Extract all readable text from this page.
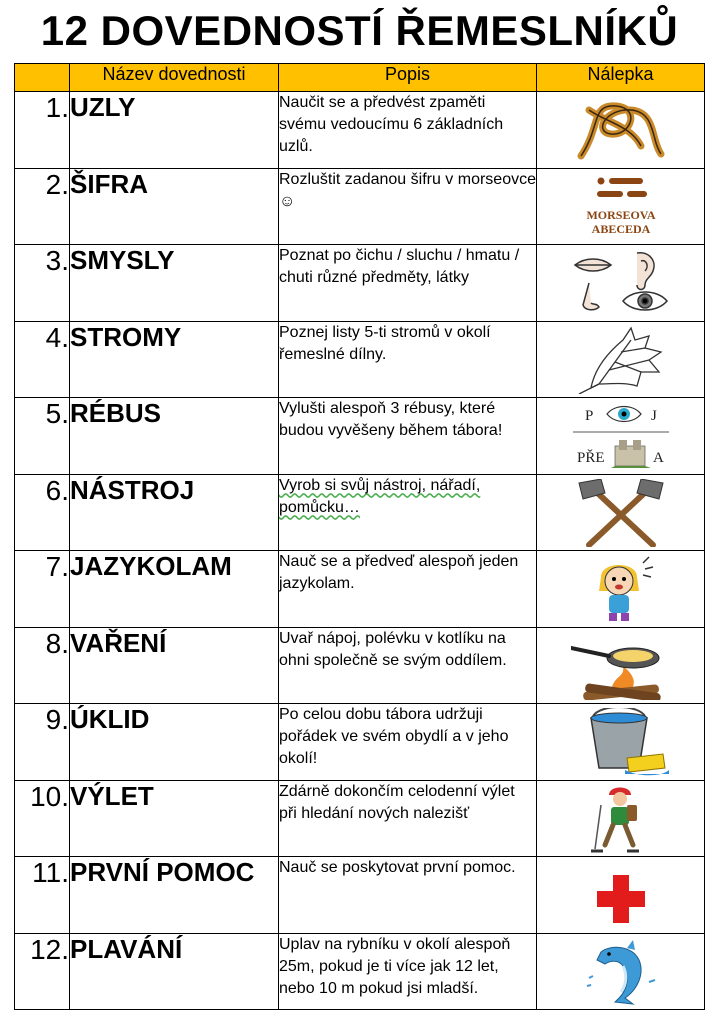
12 DOVEDNOSTÍ ŘEMESLNÍKŮ
	Název dovednosti	Popis	Nálepka
1.	UZLY	Naučit se a předvést zpaměti svému vedoucímu 6 základních uzlů.	

2.	ŠIFRA	Rozluštit zadanou šifru v morseovce ☺	MORSEOVA
ABECEDA

3.	SMYSLY	Poznat po čichu / sluchu / hmatu / chuti různé předměty, látky	

4.	STROMY	Poznej listy 5-ti stromů v okolí řemeslné dílny.	

5.	RÉBUS	Vylušti alespoň 3 rébusy, které budou vyvěšeny během tábora!	P J
PŘE A

6.	NÁSTROJ	Vyrob si svůj nástroj, nářadí, pomůcku…	

7.	JAZYKOLAM	Nauč se a předveď alespoň jeden jazykolam.	

8.	VAŘENÍ	Uvař nápoj, polévku v kotlíku na ohni společně se svým oddílem.	

9.	ÚKLID	Po celou dobu tábora udržuji pořádek ve svém obydlí a v jeho okolí!	

10.	VÝLET	Zdárně dokončím celodenní výlet při hledání nových nalezišť	

11.	PRVNÍ POMOC	Nauč se poskytovat první pomoc.	

12.	PLAVÁNÍ	Uplav na rybníku v okolí alespoň 25m, pokud je ti více jak 12 let, nebo 10 m pokud jsi mladší.	
